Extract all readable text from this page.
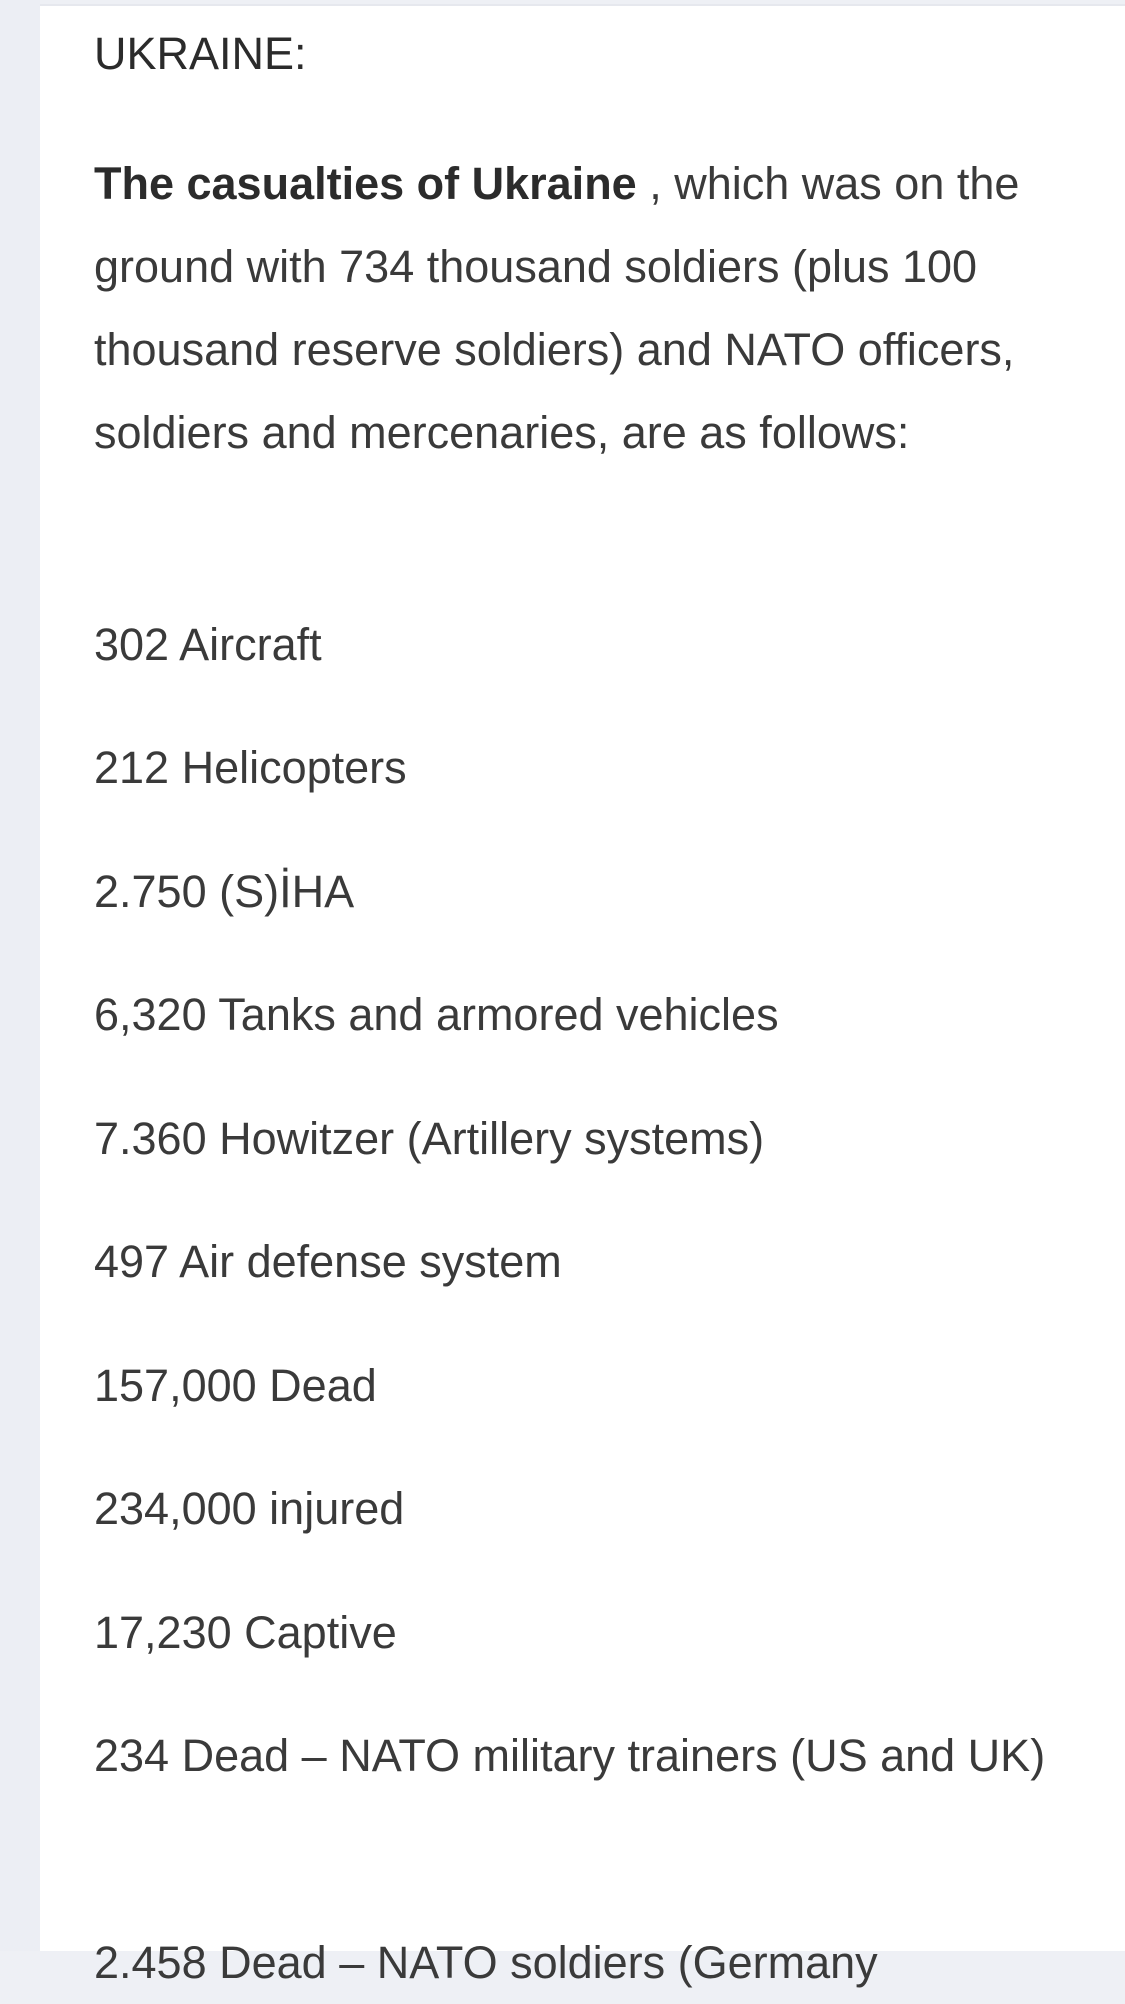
UKRAINE:

The casualties of Ukraine , which was on the ground with 734 thousand soldiers (plus 100 thousand reserve soldiers) and NATO officers, soldiers and mercenaries, are as follows:

302 Aircraft

212 Helicopters

2.750 (S)İHA

6,320 Tanks and armored vehicles

7.360 Howitzer (Artillery systems)

497 Air defense system

157,000 Dead

234,000 injured

17,230 Captive

234 Dead – NATO military trainers (US and UK)

2.458 Dead – NATO soldiers (Germany
